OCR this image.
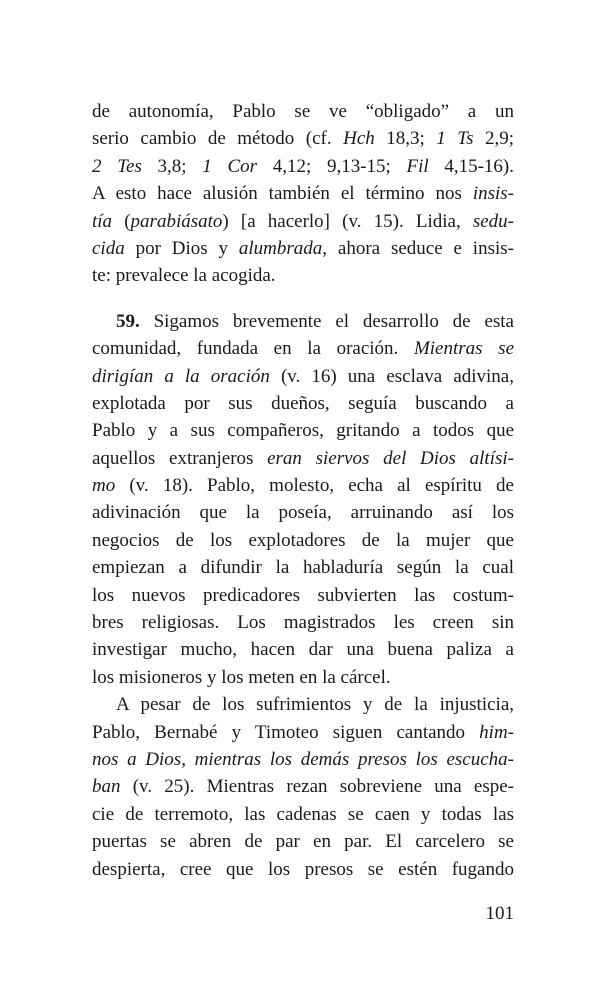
de autonomía, Pablo se ve “obligado” a un
serio cambio de método (cf. Hch 18,3; 1 Ts 2,9;
2 Tes 3,8; 1 Cor 4,12; 9,13-15; Fil 4,15-16).
A esto hace alusión también el término nos insis-
tía (parabiásato) [a hacerlo] (v. 15). Lidia, sedu-
cida por Dios y alumbrada, ahora seduce e insis-
te: prevalece la acogida.
59. Sigamos brevemente el desarrollo de esta
comunidad, fundada en la oración. Mientras se
dirigían a la oración (v. 16) una esclava adivina,
explotada por sus dueños, seguía buscando a
Pablo y a sus compañeros, gritando a todos que
aquellos extranjeros eran siervos del Dios altísi-
mo (v. 18). Pablo, molesto, echa al espíritu de
adivinación que la poseía, arruinando así los
negocios de los explotadores de la mujer que
empiezan a difundir la habladuría según la cual
los nuevos predicadores subvierten las costum-
bres religiosas. Los magistrados les creen sin
investigar mucho, hacen dar una buena paliza a
los misioneros y los meten en la cárcel.
A pesar de los sufrimientos y de la injusticia,
Pablo, Bernabé y Timoteo siguen cantando him-
nos a Dios, mientras los demás presos los escucha-
ban (v. 25). Mientras rezan sobreviene una espe-
cie de terremoto, las cadenas se caen y todas las
puertas se abren de par en par. El carcelero se
despierta, cree que los presos se estén fugando
101
